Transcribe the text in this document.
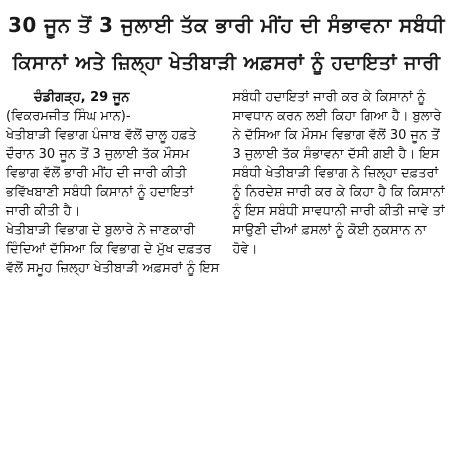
30 ਜੂਨ ਤੋਂ 3 ਜੁਲਾਈ ਤੱਕ ਭਾਰੀ ਮੀਂਹ ਦੀ ਸੰਭਾਵਨਾ ਸਬੰਧੀ
ਕਿਸਾਨਾਂ ਅਤੇ ਜ਼ਿਲ੍ਹਾ ਖੇਤੀਬਾੜੀ ਅਫ਼ਸਰਾਂ ਨੂੰ ਹਦਾਇਤਾਂ ਜਾਰੀ

ਚੰਡੀਗੜ੍ਹ, 29 ਜੂਨ
(ਵਿਕਰਮਜੀਤ ਸਿੰਘ ਮਾਨ)-

ਖੇਤੀਬਾੜੀ ਵਿਭਾਗ ਪੰਜਾਬ ਵੱਲੋਂ ਚਾਲੂ ਹਫ਼ਤੇ ਦੌਰਾਨ 30 ਜੂਨ ਤੋਂ 3 ਜੁਲਾਈ ਤੱਕ ਮੌਸਮ ਵਿਭਾਗ ਵੱਲੋਂ ਭਾਰੀ ਮੀਂਹ ਦੀ ਜਾਰੀ ਕੀਤੀ ਭਵਿੱਖਬਾਣੀ ਸਬੰਧੀ ਕਿਸਾਨਾਂ ਨੂੰ ਹਦਾਇਤਾਂ ਜਾਰੀ ਕੀਤੀ ਹੈ।

ਖੇਤੀਬਾੜੀ ਵਿਭਾਗ ਦੇ ਬੁਲਾਰੇ ਨੇ ਜਾਣਕਾਰੀ ਦਿੰਦਿਆਂ ਦੱਸਿਆ ਕਿ ਵਿਭਾਗ ਦੇ ਮੁੱਖ ਦਫ਼ਤਰ ਵੱਲੋਂ ਸਮੂਹ ਜ਼ਿਲ੍ਹਾ ਖੇਤੀਬਾੜੀ ਅਫ਼ਸਰਾਂ ਨੂੰ ਇਸ

ਸਬੰਧੀ ਹਦਾਇਤਾਂ ਜਾਰੀ ਕਰ ਕੇ ਕਿਸਾਨਾਂ ਨੂੰ ਸਾਵਧਾਨ ਕਰਨ ਲਈ ਕਿਹਾ ਗਿਆ ਹੈ। ਬੁਲਾਰੇ ਨੇ ਦੱਸਿਆ ਕਿ ਮੌਸਮ ਵਿਭਾਗ ਵੱਲੋਂ 30 ਜੂਨ ਤੋਂ 3 ਜੁਲਾਈ ਤੱਕ ਸੰਭਾਵਨਾ ਦੱਸੀ ਗਈ ਹੈ। ਇਸ ਸਬੰਧੀ ਖੇਤੀਬਾੜੀ ਵਿਭਾਗ ਨੇ ਜ਼ਿਲ੍ਹਾ ਦਫ਼ਤਰਾਂ ਨੂੰ ਨਿਰਦੇਸ਼ ਜਾਰੀ ਕਰ ਕੇ ਕਿਹਾ ਹੈ ਕਿ ਕਿਸਾਨਾਂ ਨੂੰ ਇਸ ਸਬੰਧੀ ਸਾਵਧਾਨੀ ਜਾਰੀ ਕੀਤੀ ਜਾਵੇ ਤਾਂ ਸਾਉਣੀ ਦੀਆਂ ਫ਼ਸਲਾਂ ਨੂੰ ਕੋਈ ਨੁਕਸਾਨ ਨਾ ਹੋਵੇ।
